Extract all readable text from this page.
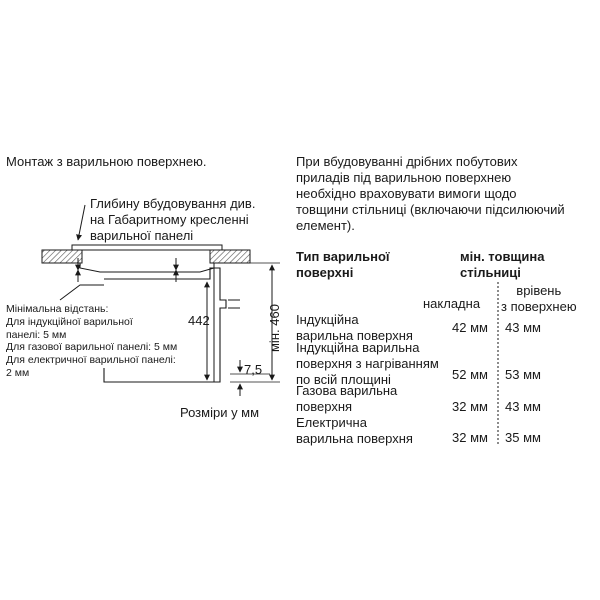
Монтаж з варильною поверхнею.
Глибину вбудовування див.
на Габаритному кресленні
варильної панелі
Мінімальна відстань:
Для індукційної варильної
панелі: 5 мм
Для газової варильної панелі: 5 мм
Для електричної варильної панелі:
2 мм
442	мін. 460
7,5
Розміри у мм
При вбудовуванні дрібних побутових
приладів під варильною поверхнею
необхідно враховувати вимоги щодо
товщини стільниці (включаючи підсилюючий
елемент).
Тип варильної
поверхні
мін. товщина
стільниці
накладна
врівень
з поверхнею
Індукційна
варильна поверхня
42 мм 43 мм
Індукційна варильна
поверхня з нагріванням
по всій площині	52 мм 53 мм
Газова варильна
поверхня	32 мм 43 мм
Електрична
варильна поверхня	32 мм 35 мм
